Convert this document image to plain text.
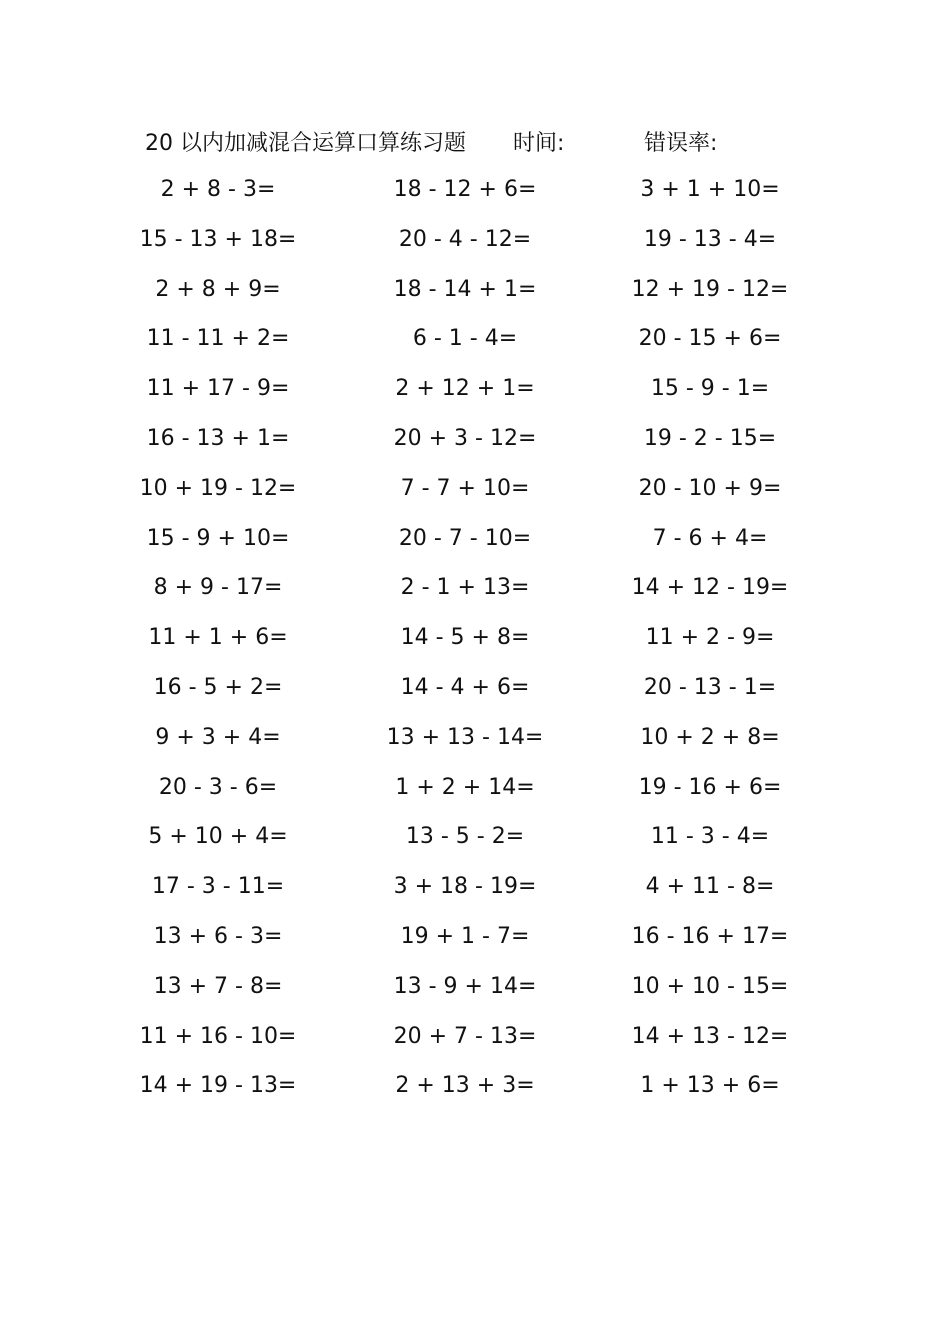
20 以内加减混合运算口算练习题 时间:	错误率:
2 + 8 - 3=	18 - 12 + 6=	3 + 1 + 10=
15 - 13 + 18=	20 - 4 - 12=	19 - 13 - 4=
2 + 8 + 9=	18 - 14 + 1=	12 + 19 - 12=
11 - 11 + 2=	6 - 1 - 4=	20 - 15 + 6=
11 + 17 - 9=	2 + 12 + 1=	15 - 9 - 1=
16 - 13 + 1=	20 + 3 - 12=	19 - 2 - 15=
10 + 19 - 12=	7 - 7 + 10=	20 - 10 + 9=
15 - 9 + 10=	20 - 7 - 10=	7 - 6 + 4=
8 + 9 - 17=	2 - 1 + 13=	14 + 12 - 19=
11 + 1 + 6=	14 - 5 + 8=	11 + 2 - 9=
16 - 5 + 2=	14 - 4 + 6=	20 - 13 - 1=
9 + 3 + 4=	13 + 13 - 14=	10 + 2 + 8=
20 - 3 - 6=	1 + 2 + 14=	19 - 16 + 6=
5 + 10 + 4=	13 - 5 - 2=	11 - 3 - 4=
17 - 3 - 11=	3 + 18 - 19=	4 + 11 - 8=
13 + 6 - 3=	19 + 1 - 7=	16 - 16 + 17=
13 + 7 - 8=	13 - 9 + 14=	10 + 10 - 15=
11 + 16 - 10=	20 + 7 - 13=	14 + 13 - 12=
14 + 19 - 13=	2 + 13 + 3=	1 + 13 + 6=
